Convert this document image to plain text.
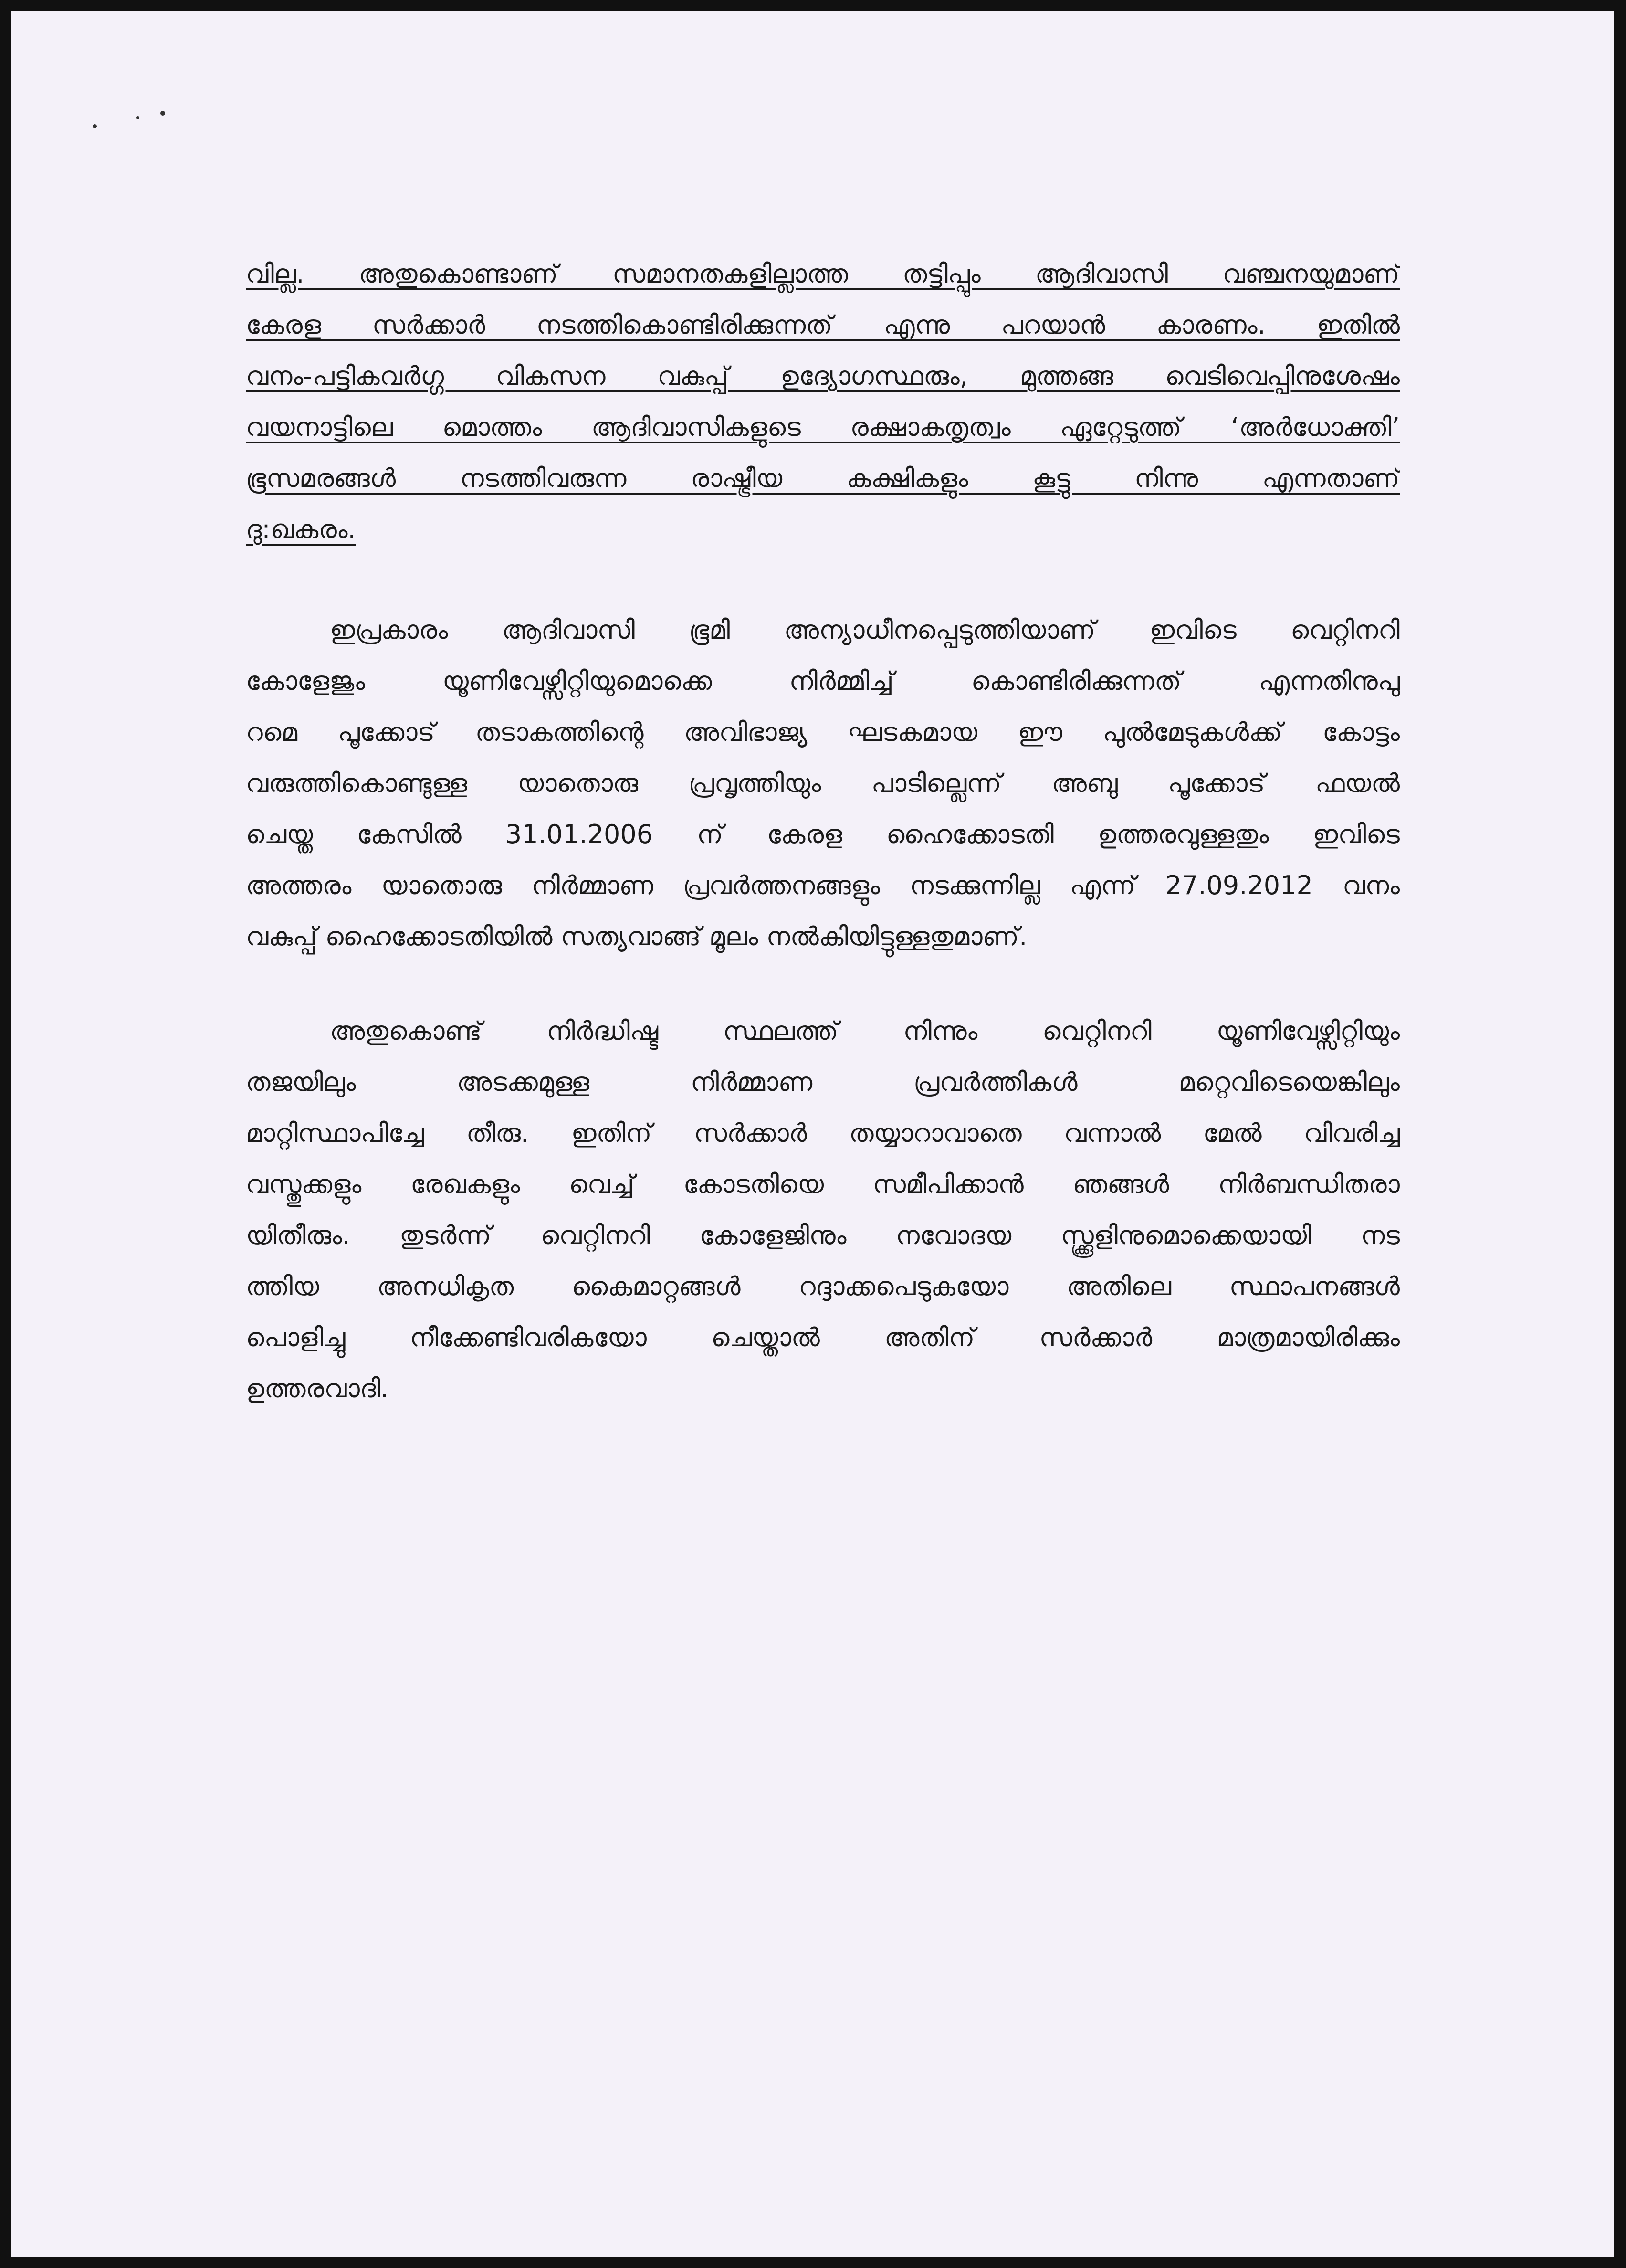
വില്ല. അതുകൊണ്ടാണ് സമാനതകളില്ലാത്ത തട്ടിപ്പും ആദിവാസി വഞ്ചനയുമാണ്
കേരള സർക്കാർ നടത്തികൊണ്ടിരിക്കുന്നത് എന്നു പറയാൻ കാരണം. ഇതിൽ
വനം-പട്ടികവർഗ്ഗ വികസന വകുപ്പ് ഉദ്യോഗസ്ഥരും, മുത്തങ്ങ വെടിവെപ്പിനുശേഷം
വയനാട്ടിലെ മൊത്തം ആദിവാസികളുടെ രക്ഷാകതൃത്വം ഏറ്റേടുത്ത് ‘അർധോക്തി’
ഭൂസമരങ്ങൾ നടത്തിവരുന്ന രാഷ്ട്രീയ കക്ഷികളും കൂട്ടു നിന്നു എന്നതാണ്
ദു:ഖകരം.
ഇപ്രകാരം ആദിവാസി ഭൂമി അന്യാധീനപ്പെടുത്തിയാണ് ഇവിടെ വെറ്റിനറി
കോളേജും യൂണിവേഴ്സിറ്റിയുമൊക്കെ നിർമ്മിച്ച് കൊണ്ടിരിക്കുന്നത് എന്നതിനുപു
റമെ പൂക്കോട് തടാകത്തിന്റെ അവിഭാജ്യ ഘടകമായ ഈ പുൽമേടുകൾക്ക് കോട്ടം
വരുത്തികൊണ്ടുള്ള യാതൊരു പ്രവൃത്തിയും പാടില്ലെന്ന് അബു പൂക്കോട് ഫയൽ
ചെയ്ത കേസിൽ 31.01.2006 ന് കേരള ഹൈക്കോടതി ഉത്തരവുള്ളതും ഇവിടെ
അത്തരം യാതൊരു നിർമ്മാണ പ്രവർത്തനങ്ങളും നടക്കുന്നില്ല എന്ന് 27.09.2012 വനം
വകുപ്പ് ഹൈക്കോടതിയിൽ സത്യവാങ്ങ് മൂലം നൽകിയിട്ടുള്ളതുമാണ്.
അതുകൊണ്ട് നിർദ്ധിഷ്ട സ്ഥലത്ത് നിന്നും വെറ്റിനറി യൂണിവേഴ്സിറ്റിയും
തജയിലും അടക്കമുള്ള നിർമ്മാണ പ്രവർത്തികൾ മറ്റെവിടെയെങ്കിലും
മാറ്റിസ്ഥാപിച്ചേ തീരു. ഇതിന് സർക്കാർ തയ്യാറാവാതെ വന്നാൽ മേൽ വിവരിച്ച
വസ്തുക്കളും രേഖകളും വെച്ച് കോടതിയെ സമീപിക്കാൻ ഞങ്ങൾ നിർബന്ധിതരാ
യിതീരും. തുടർന്ന് വെറ്റിനറി കോളേജിനും നവോദയ സ്ക്കൂളിനുമൊക്കെയായി നട
ത്തിയ അനധികൃത കൈമാറ്റങ്ങൾ റദ്ദാക്കപെടുകയോ അതിലെ സ്ഥാപനങ്ങൾ
പൊളിച്ചു നീക്കേണ്ടിവരികയോ ചെയ്താൽ അതിന് സർക്കാർ മാത്രമായിരിക്കും
ഉത്തരവാദി.
